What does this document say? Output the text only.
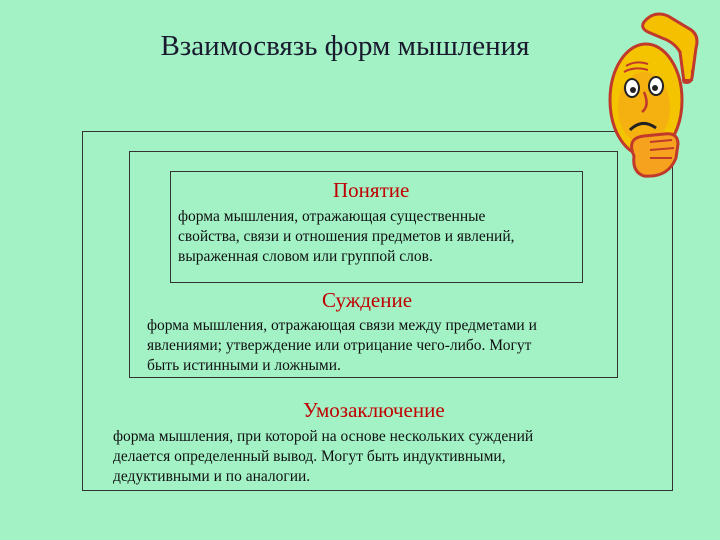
Взаимосвязь форм мышления
Понятие
форма мышления, отражающая существенные
свойства, связи и отношения предметов и явлений,
выраженная словом или группой слов.
Суждение
форма мышления, отражающая связи между предметами и
явлениями; утверждение или отрицание чего-либо. Могут
быть истинными и ложными.
Умозаключение
форма мышления, при которой на основе нескольких суждений
делается определенный вывод. Могут быть индуктивными,
дедуктивными и по аналогии.
